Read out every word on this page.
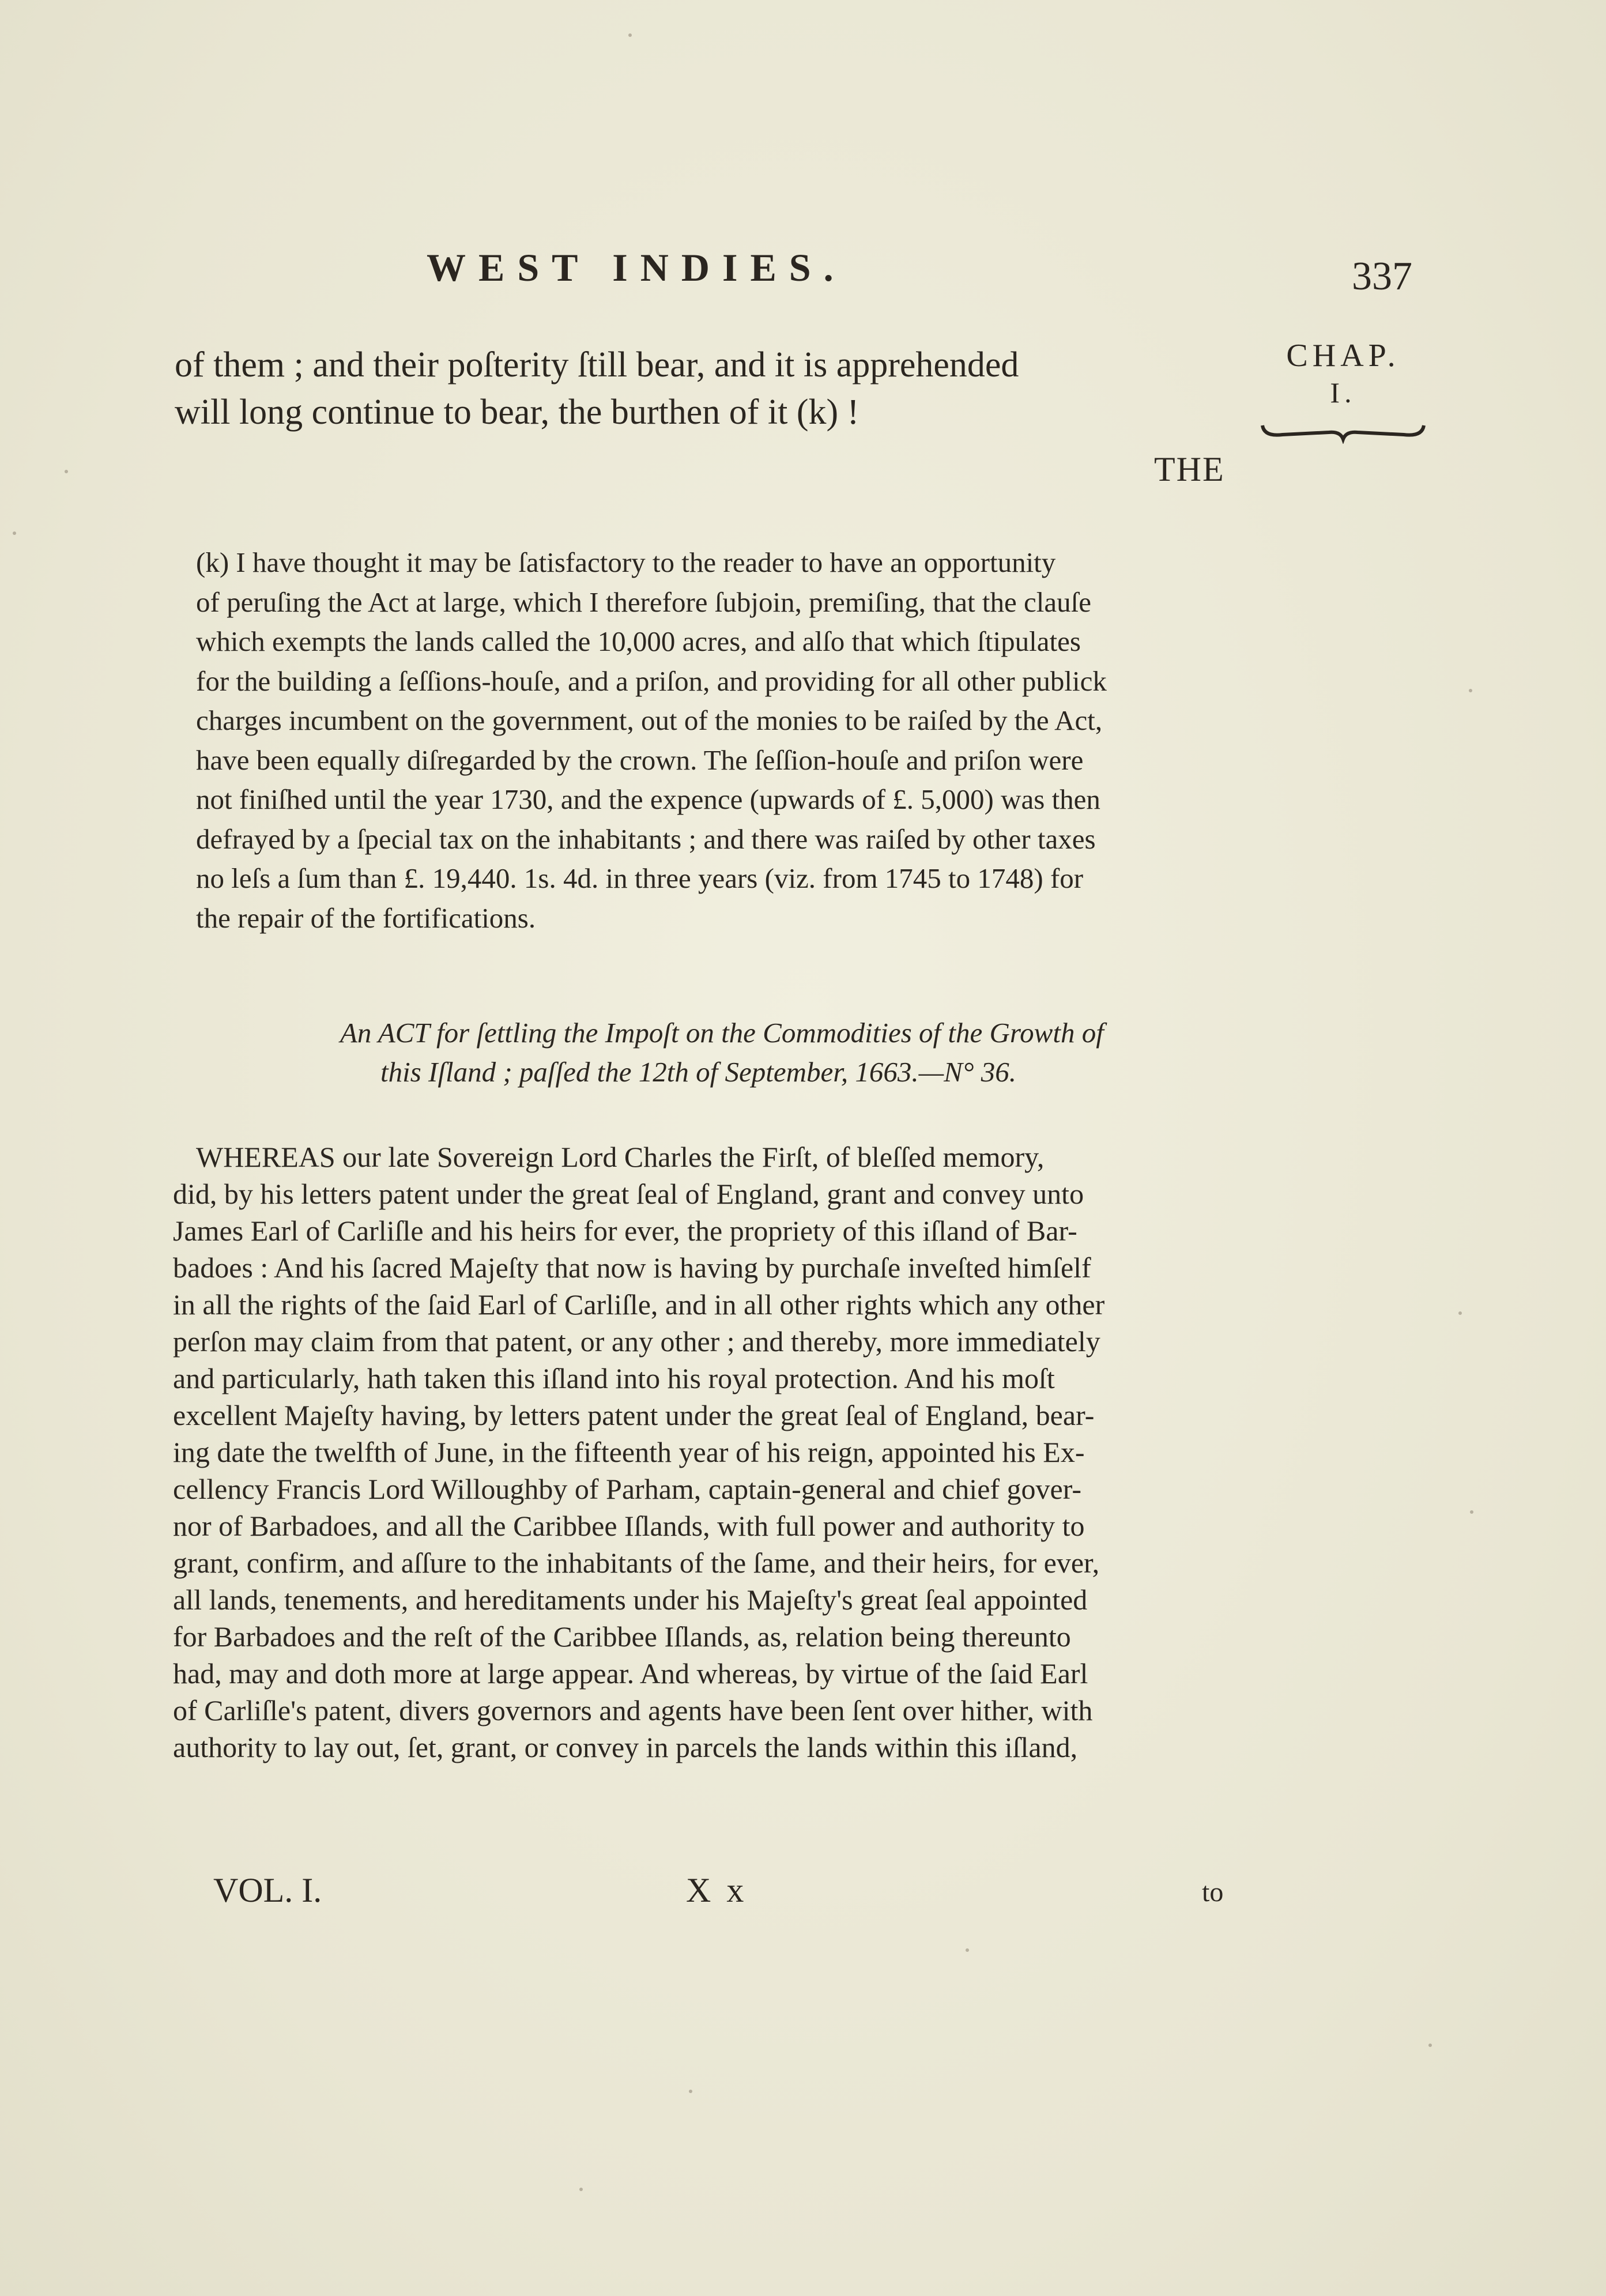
WEST INDIES.	337
CHAP.
I.
of them ; and their poſterity ſtill bear, and it is apprehended
will long continue to bear, the burthen of it (k) !
THE
(k) I have thought it may be ſatisfactory to the reader to have an opportunity
of peruſing the Act at large, which I therefore ſubjoin, premiſing, that the clauſe
which exempts the lands called the 10,000 acres, and alſo that which ſtipulates
for the building a ſeſſions-houſe, and a priſon, and providing for all other publick
charges incumbent on the government, out of the monies to be raiſed by the Act,
have been equally diſregarded by the crown. The ſeſſion-houſe and priſon were
not finiſhed until the year 1730, and the expence (upwards of £. 5,000) was then
defrayed by a ſpecial tax on the inhabitants ; and there was raiſed by other taxes
no leſs a ſum than £. 19,440. 1s. 4d. in three years (viz. from 1745 to 1748) for
the repair of the fortifications.
An ACT for ſettling the Impoſt on the Commodities of the Growth of
this Iſland ; paſſed the 12th of September, 1663.—N° 36.
WHEREAS our late Sovereign Lord Charles the Firſt, of bleſſed memory,
did, by his letters patent under the great ſeal of England, grant and convey unto
James Earl of Carliſle and his heirs for ever, the propriety of this iſland of Bar-
badoes : And his ſacred Majeſty that now is having by purchaſe inveſted himſelf
in all the rights of the ſaid Earl of Carliſle, and in all other rights which any other
perſon may claim from that patent, or any other ; and thereby, more immediately
and particularly, hath taken this iſland into his royal protection. And his moſt
excellent Majeſty having, by letters patent under the great ſeal of England, bear-
ing date the twelfth of June, in the fifteenth year of his reign, appointed his Ex-
cellency Francis Lord Willoughby of Parham, captain-general and chief gover-
nor of Barbadoes, and all the Caribbee Iſlands, with full power and authority to
grant, confirm, and aſſure to the inhabitants of the ſame, and their heirs, for ever,
all lands, tenements, and hereditaments under his Majeſty's great ſeal appointed
for Barbadoes and the reſt of the Caribbee Iſlands, as, relation being thereunto
had, may and doth more at large appear. And whereas, by virtue of the ſaid Earl
of Carliſle's patent, divers governors and agents have been ſent over hither, with
authority to lay out, ſet, grant, or convey in parcels the lands within this iſland,
VOL. I.	X x	to
